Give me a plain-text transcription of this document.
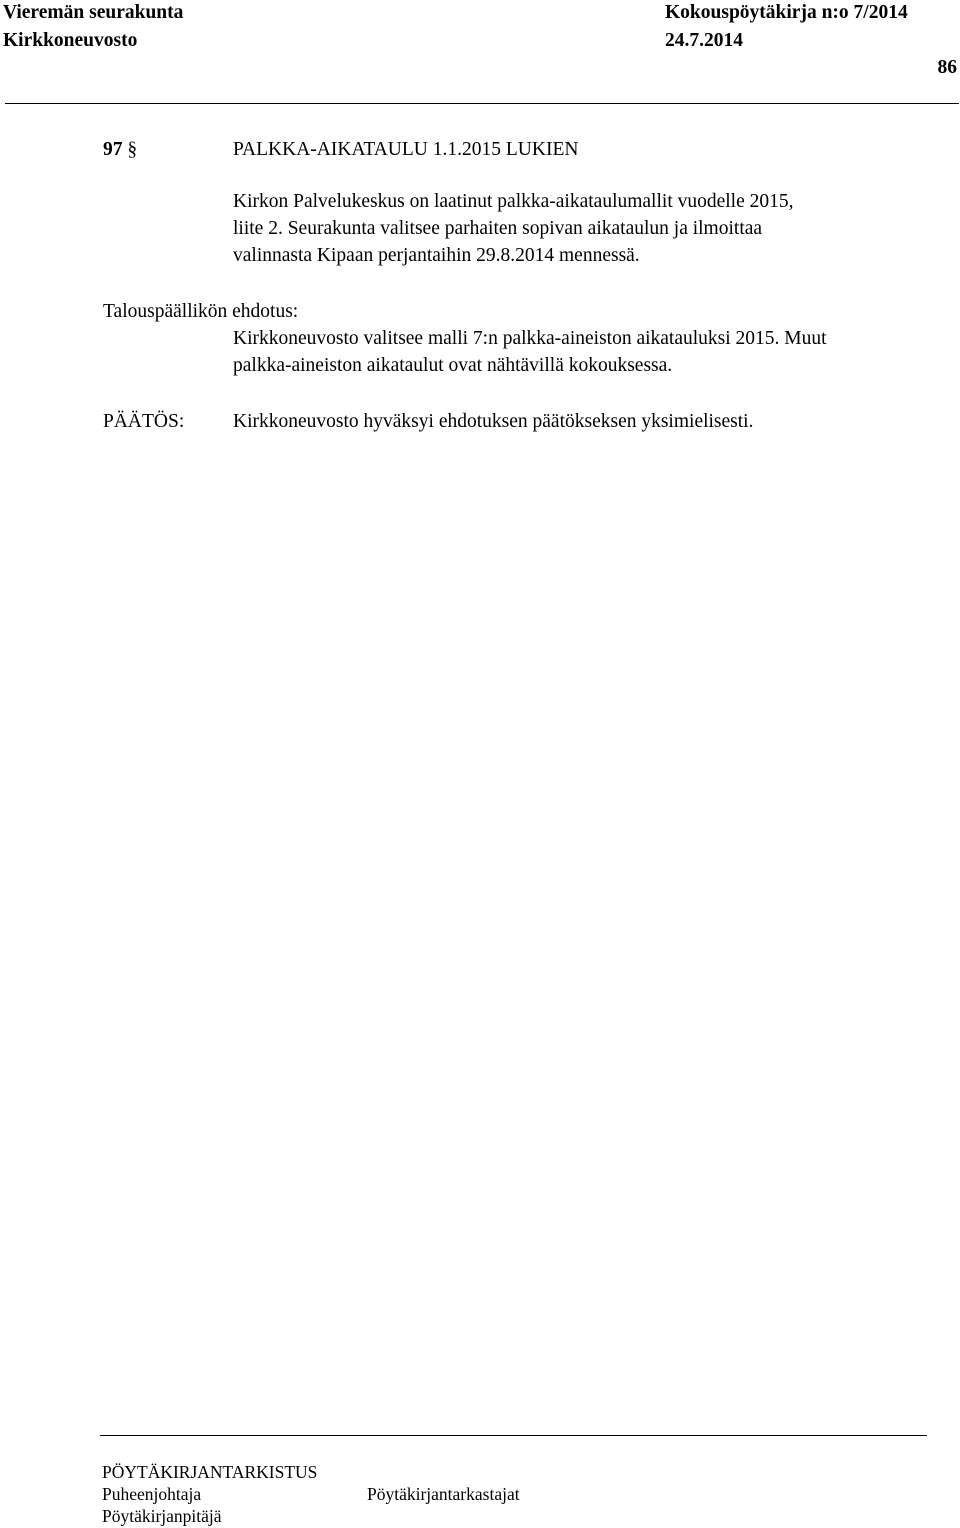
Vieremän seurakunta
Kirkkoneuvosto
Kokouspöytäkirja n:o 7/2014
24.7.2014
86
97 §	PALKKA-AIKATAULU 1.1.2015 LUKIEN
Kirkon Palvelukeskus on laatinut palkka-aikataulumallit vuodelle 2015,
liite 2. Seurakunta valitsee parhaiten sopivan aikataulun ja ilmoittaa
valinnasta Kipaan perjantaihin 29.8.2014 mennessä.
Talouspäällikön ehdotus:
Kirkkoneuvosto valitsee malli 7:n palkka-aineiston aikatauluksi 2015. Muut
palkka-aineiston aikataulut ovat nähtävillä kokouksessa.
PÄÄTÖS: Kirkkoneuvosto hyväksyi ehdotuksen päätökseksen yksimielisesti.
PÖYTÄKIRJANTARKISTUS
Puheenjohtaja	Pöytäkirjantarkastajat
Pöytäkirjanpitäjä
